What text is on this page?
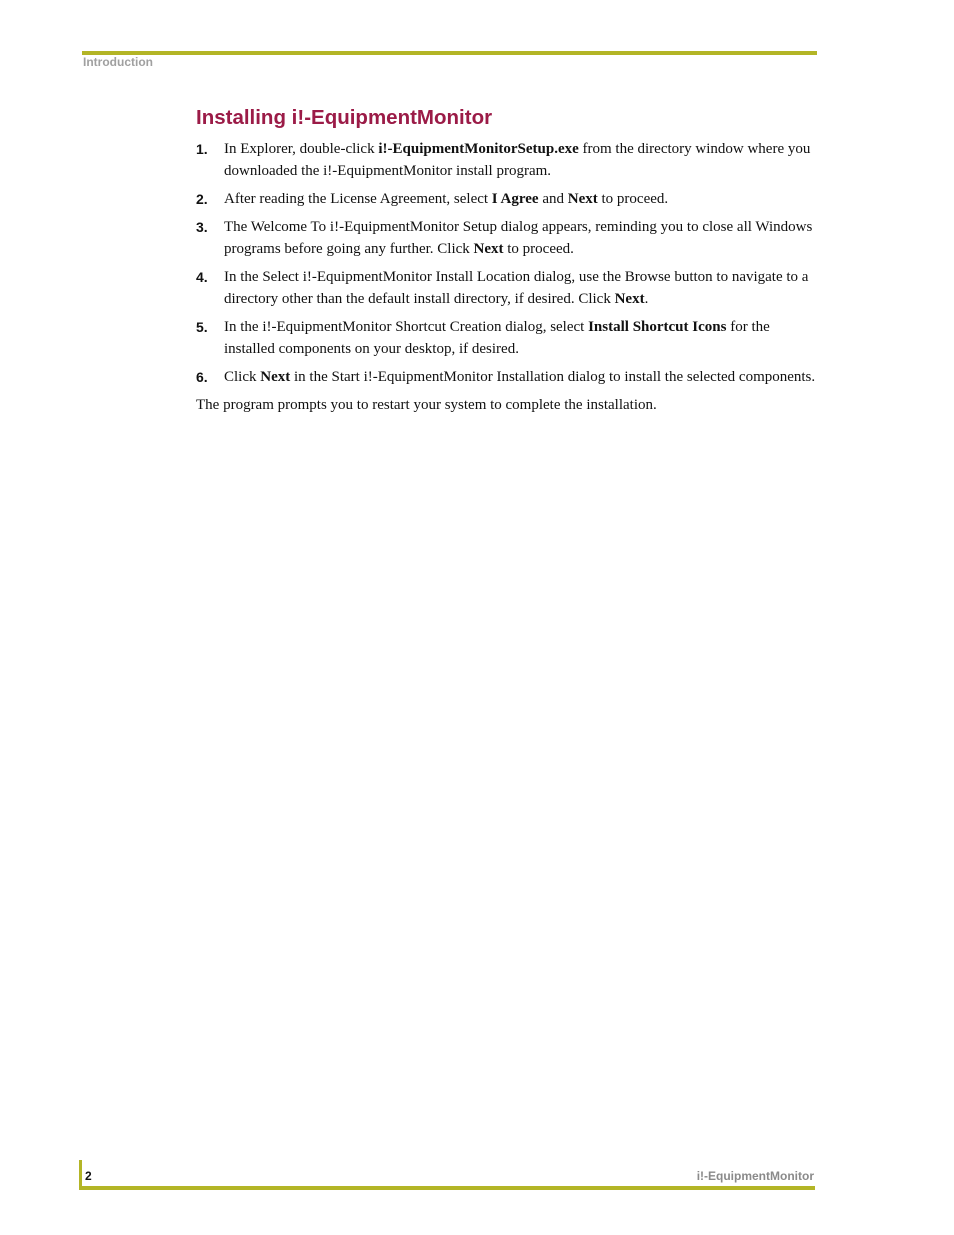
Introduction
Installing i!-EquipmentMonitor
1. In Explorer, double-click i!-EquipmentMonitorSetup.exe from the directory window where you downloaded the i!-EquipmentMonitor install program.
2. After reading the License Agreement, select I Agree and Next to proceed.
3. The Welcome To i!-EquipmentMonitor Setup dialog appears, reminding you to close all Windows programs before going any further. Click Next to proceed.
4. In the Select i!-EquipmentMonitor Install Location dialog, use the Browse button to navigate to a directory other than the default install directory, if desired. Click Next.
5. In the i!-EquipmentMonitor Shortcut Creation dialog, select Install Shortcut Icons for the installed components on your desktop, if desired.
6. Click Next in the Start i!-EquipmentMonitor Installation dialog to install the selected components.

The program prompts you to restart your system to complete the installation.

2	i!-EquipmentMonitor
